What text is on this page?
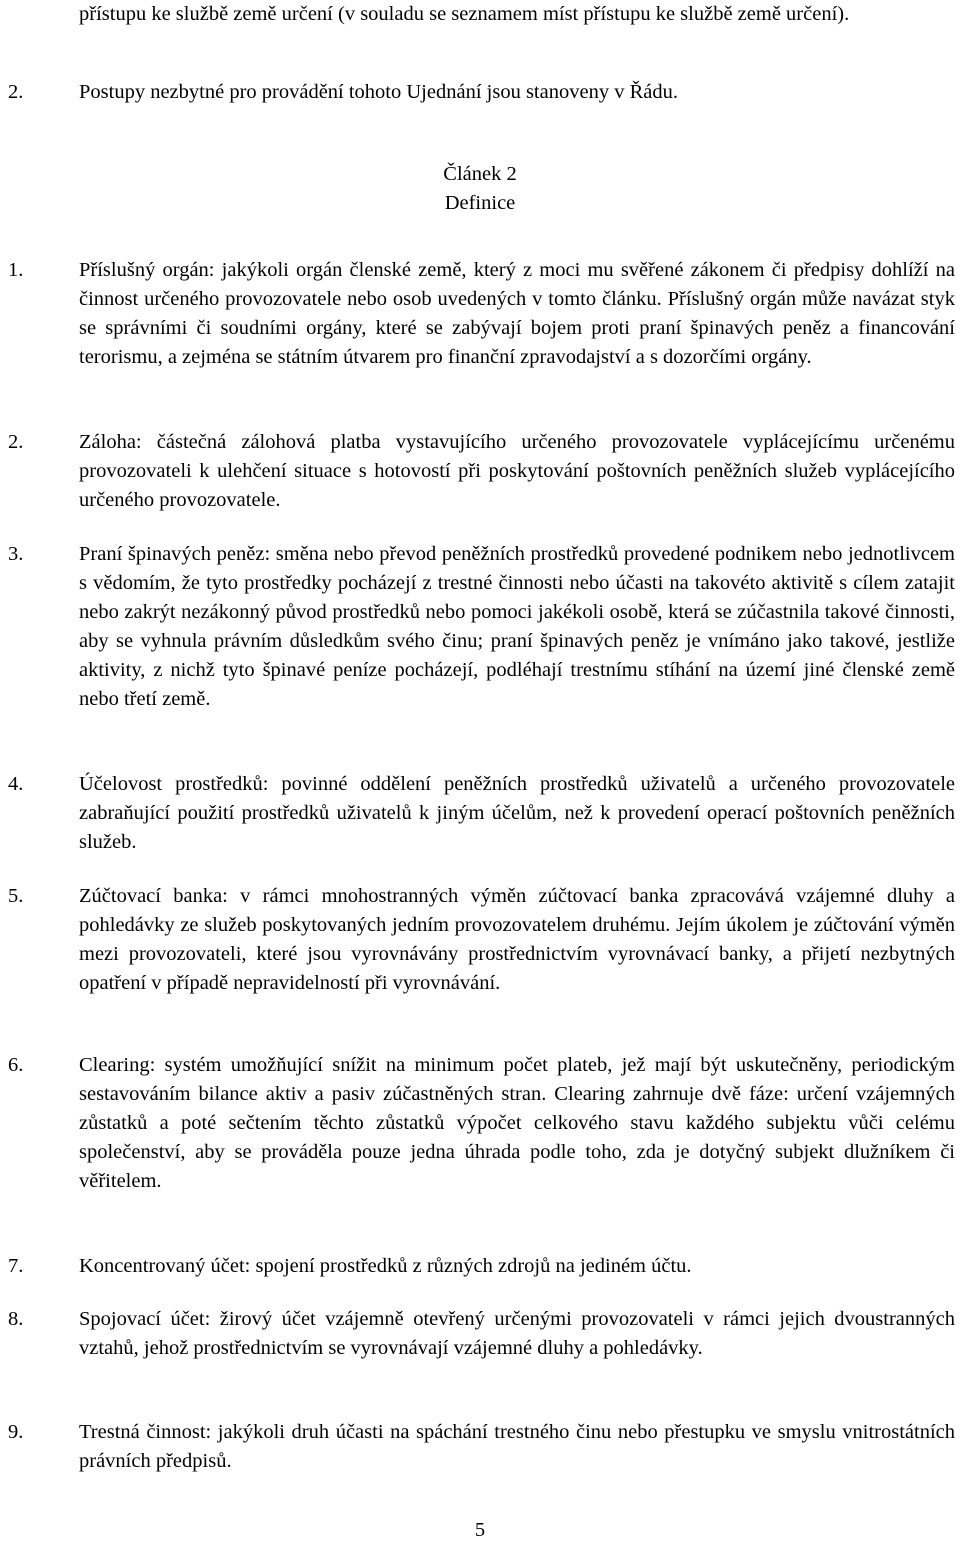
přístupu ke službě země určení (v souladu se seznamem míst přístupu ke službě země určení).
2.	Postupy nezbytné pro provádění tohoto Ujednání jsou stanoveny v Řádu.
Článek 2
Definice
1.	Příslušný orgán: jakýkoli orgán členské země, který z moci mu svěřené zákonem či předpisy dohlíží na činnost určeného provozovatele nebo osob uvedených v tomto článku. Příslušný orgán může navázat styk se správními či soudními orgány, které se zabývají bojem proti praní špinavých peněz a financování terorismu, a zejména se státním útvarem pro finanční zpravodajství a s dozorčími orgány.
2.	Záloha: částečná zálohová platba vystavujícího určeného provozovatele vyplácejícímu určenému provozovateli k ulehčení situace s hotovostí při poskytování poštovních peněžních služeb vyplácejícího určeného provozovatele.
3.	Praní špinavých peněz: směna nebo převod peněžních prostředků provedené podnikem nebo jednotlivcem s vědomím, že tyto prostředky pocházejí z trestné činnosti nebo účasti na takovéto aktivitě s cílem zatajit nebo zakrýt nezákonný původ prostředků nebo pomoci jakékoli osobě, která se zúčastnila takové činnosti, aby se vyhnula právním důsledkům svého činu; praní špinavých peněz je vnímáno jako takové, jestliže aktivity, z nichž tyto špinavé peníze pocházejí, podléhají trestnímu stíhání na území jiné členské země nebo třetí země.
4.	Účelovost prostředků: povinné oddělení peněžních prostředků uživatelů a určeného provozovatele zabraňující použití prostředků uživatelů k jiným účelům, než k provedení operací poštovních peněžních služeb.
5.	Zúčtovací banka: v rámci mnohostranných výměn zúčtovací banka zpracovává vzájemné dluhy a pohledávky ze služeb poskytovaných jedním provozovatelem druhému. Jejím úkolem je zúčtování výměn mezi provozovateli, které jsou vyrovnávány prostřednictvím vyrovnávací banky, a přijetí nezbytných opatření v případě nepravidelností při vyrovnávání.
6.	Clearing: systém umožňující snížit na minimum počet plateb, jež mají být uskutečněny, periodickým sestavováním bilance aktiv a pasiv zúčastněných stran. Clearing zahrnuje dvě fáze: určení vzájemných zůstatků a poté sečtením těchto zůstatků výpočet celkového stavu každého subjektu vůči celému společenství, aby se prováděla pouze jedna úhrada podle toho, zda je dotyčný subjekt dlužníkem či věřitelem.
7.	Koncentrovaný účet: spojení prostředků z různých zdrojů na jediném účtu.
8.	Spojovací účet: žirový účet vzájemně otevřený určenými provozovateli v rámci jejich dvoustranných vztahů, jehož prostřednictvím se vyrovnávají vzájemné dluhy a pohledávky.
9.	Trestná činnost: jakýkoli druh účasti na spáchání trestného činu nebo přestupku ve smyslu vnitrostátních právních předpisů.
5
